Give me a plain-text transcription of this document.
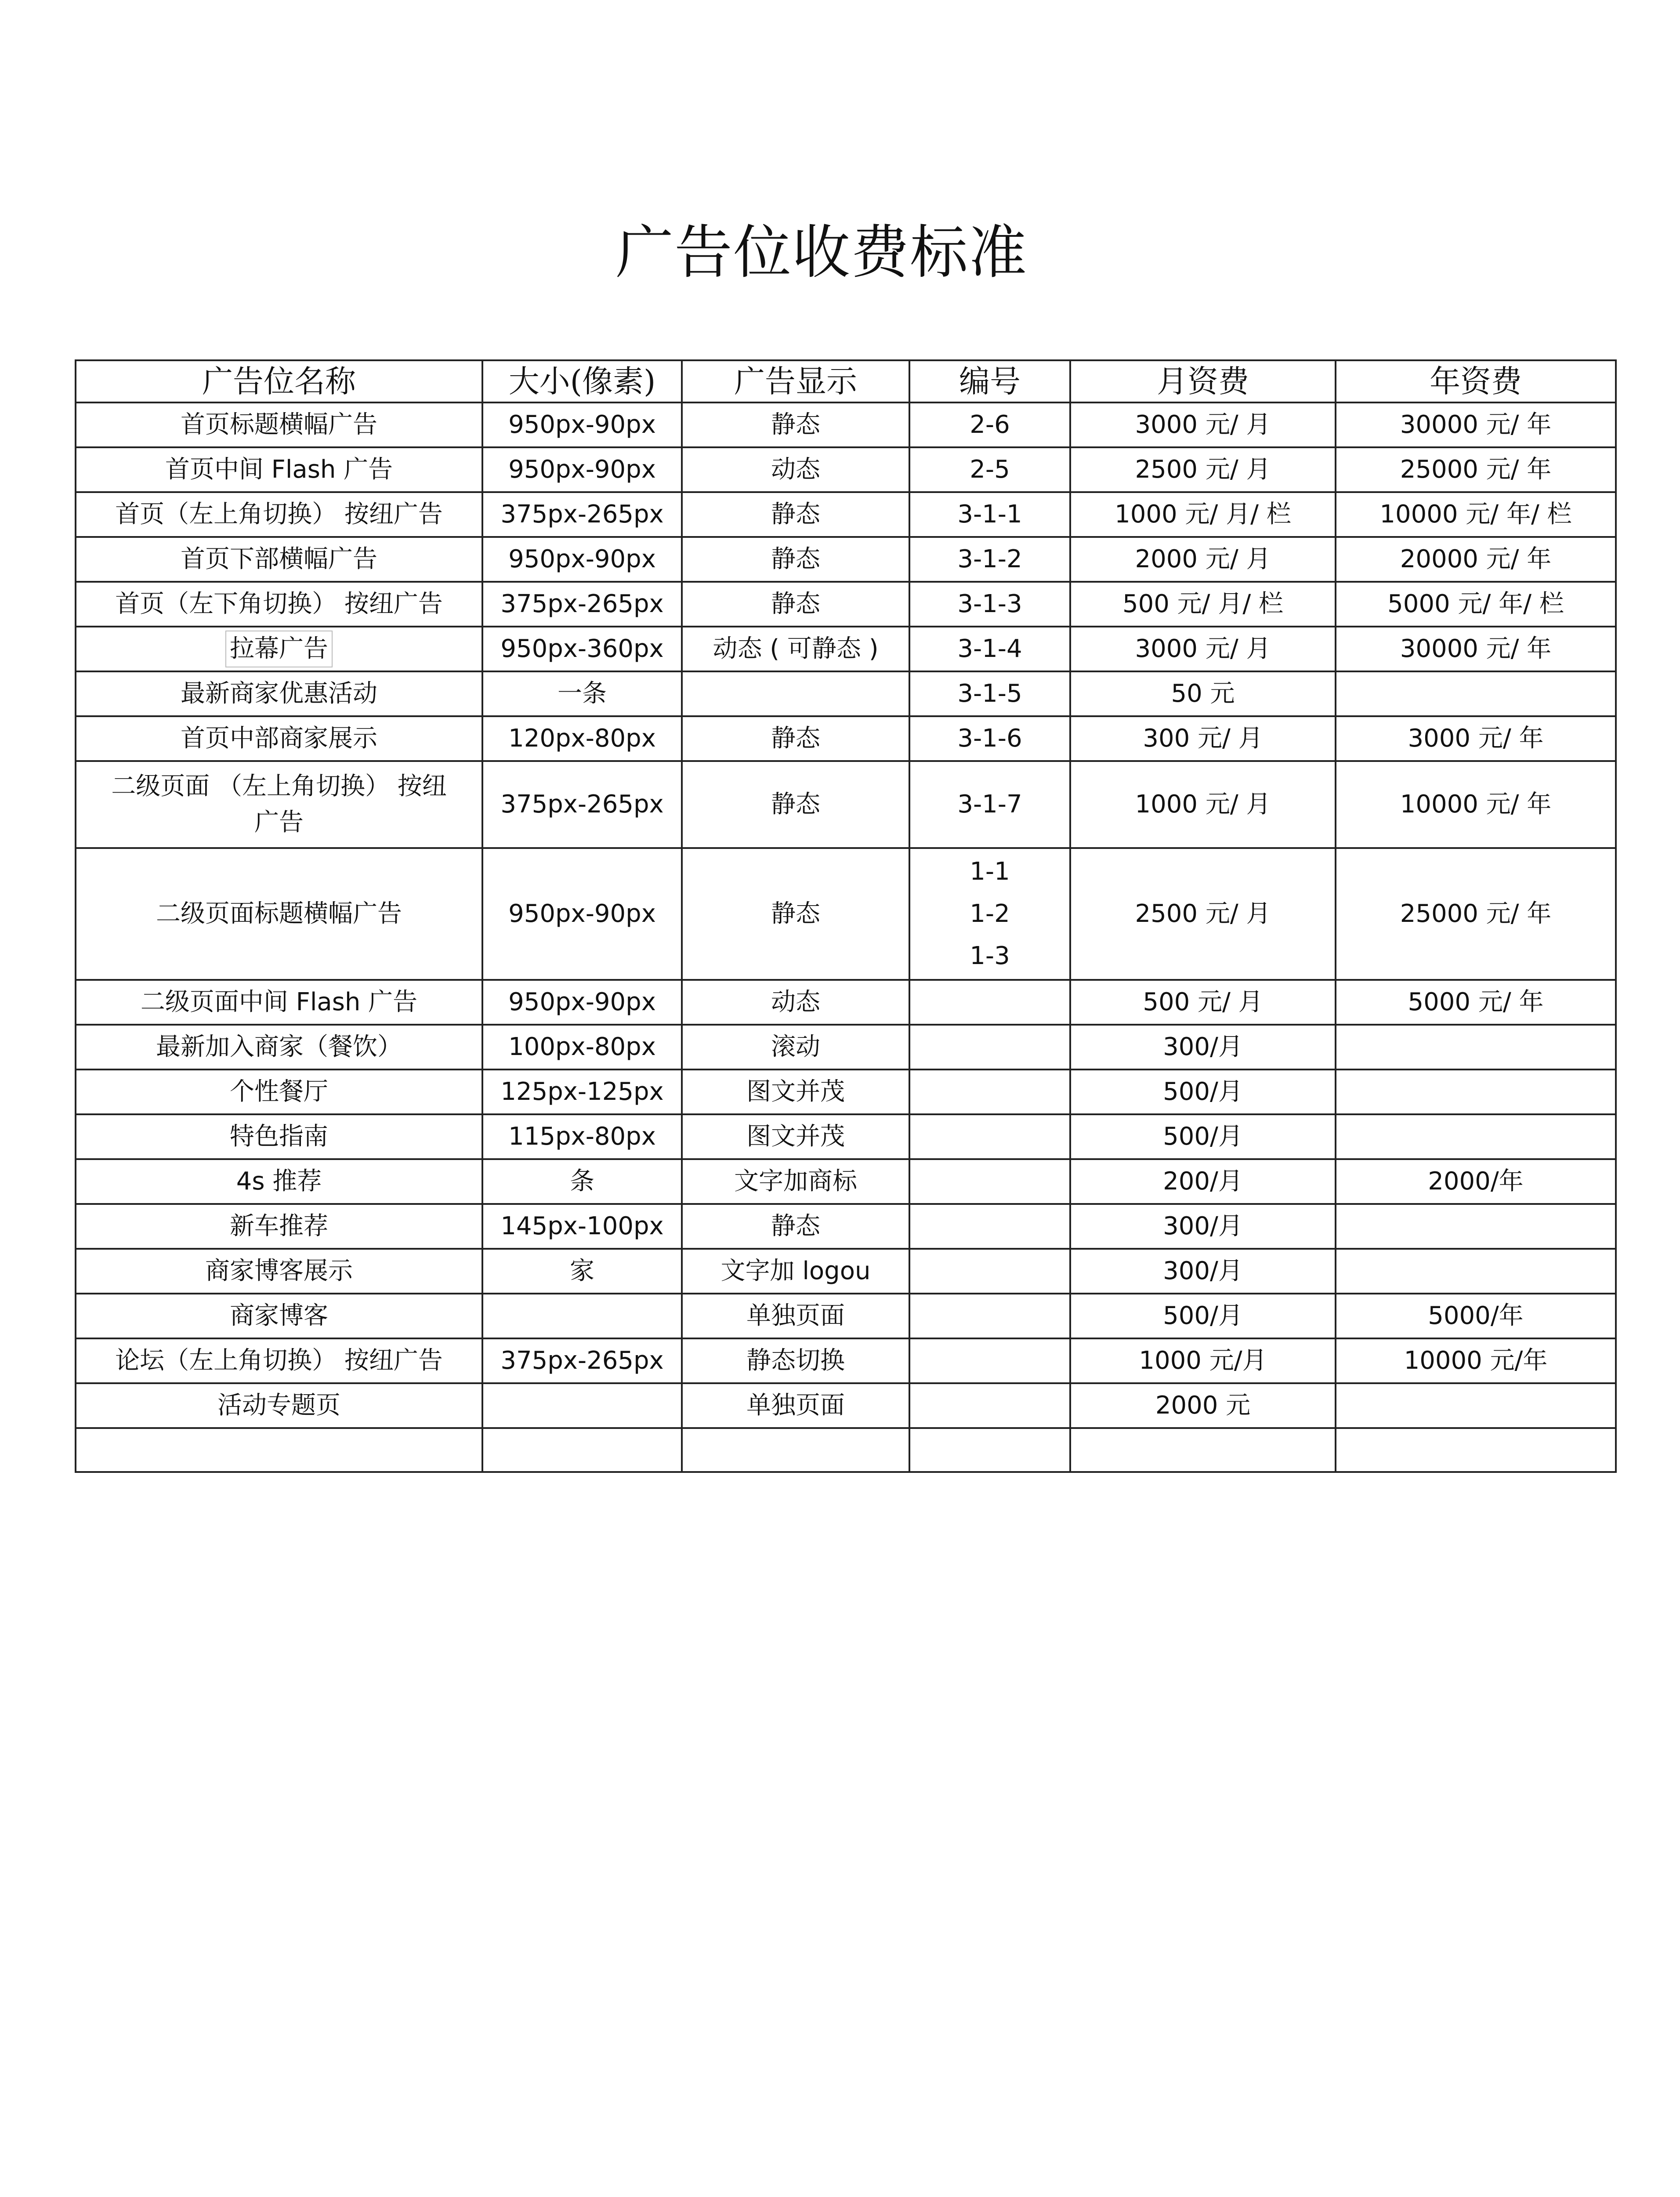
广告位收费标准
广告位名称	大小(像素)	广告显示	编号	月资费	年资费
首页标题横幅广告	950px-90px	静态	2-6	3000 元/ 月	30000 元/ 年
首页中间 Flash 广告	950px-90px	动态	2-5	2500 元/ 月	25000 元/ 年
首页（左上角切换） 按纽广告	375px-265px	静态	3-1-1	1000 元/ 月/ 栏	10000 元/ 年/ 栏
首页下部横幅广告	950px-90px	静态	3-1-2	2000 元/ 月	20000 元/ 年
首页（左下角切换） 按纽广告	375px-265px	静态	3-1-3	500 元/ 月/ 栏	5000 元/ 年/ 栏
拉幕广告	950px-360px	动态 ( 可静态 )	3-1-4	3000 元/ 月	30000 元/ 年
最新商家优惠活动	一条		3-1-5	50 元	
首页中部商家展示	120px-80px	静态	3-1-6	300 元/ 月	3000 元/ 年
二级页面 （左上角切换） 按纽
广告	375px-265px	静态	3-1-7	1000 元/ 月	10000 元/ 年
二级页面标题横幅广告	950px-90px	静态	1-1
1-2
1-3	2500 元/ 月	25000 元/ 年
二级页面中间 Flash 广告	950px-90px	动态		500 元/ 月	5000 元/ 年
最新加入商家（餐饮）	100px-80px	滚动		300/月	
个性餐厅	125px-125px	图文并茂		500/月	
特色指南	115px-80px	图文并茂		500/月	
4s 推荐	条	文字加商标		200/月	2000/年
新车推荐	145px-100px	静态		300/月	
商家博客展示	家	文字加 logou		300/月	
商家博客		单独页面		500/月	5000/年
论坛（左上角切换） 按纽广告	375px-265px	静态切换		1000 元/月	10000 元/年
活动专题页		单独页面		2000 元	
